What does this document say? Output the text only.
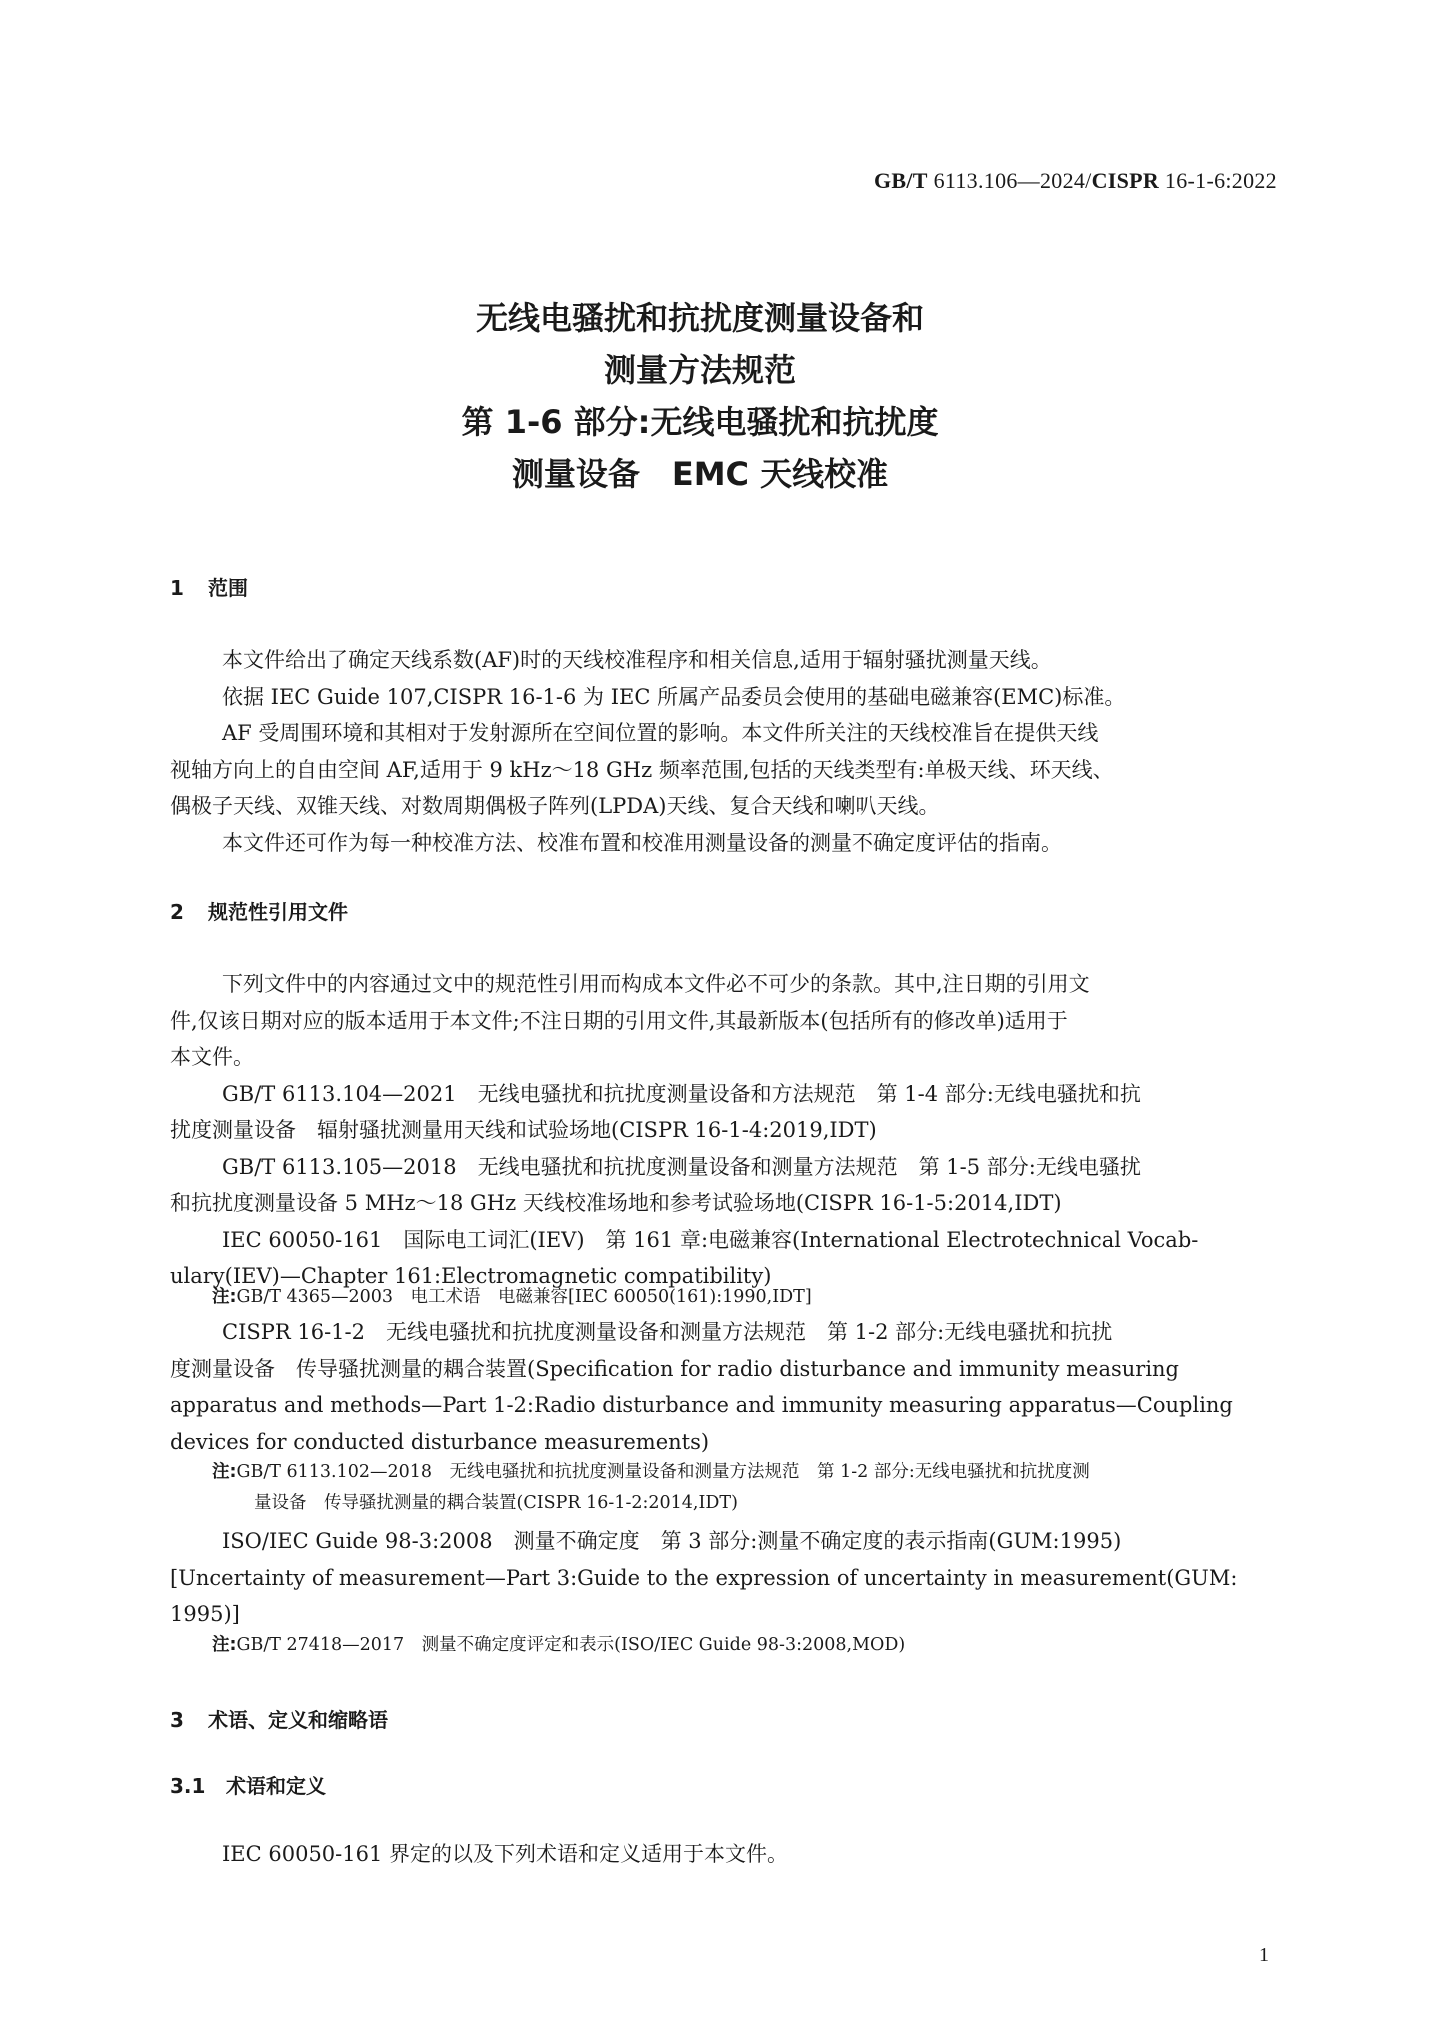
GB/T 6113.106—2024/CISPR 16-1-6:2022
无线电骚扰和抗扰度测量设备和
测量方法规范
第 1-6 部分:无线电骚扰和抗扰度
测量设备　EMC 天线校准
1 范围
本文件给出了确定天线系数(AF)时的天线校准程序和相关信息,适用于辐射骚扰测量天线。
依据 IEC Guide 107,CISPR 16-1-6 为 IEC 所属产品委员会使用的基础电磁兼容(EMC)标准。
AF 受周围环境和其相对于发射源所在空间位置的影响。本文件所关注的天线校准旨在提供天线
视轴方向上的自由空间 AF,适用于 9 kHz～18 GHz 频率范围,包括的天线类型有:单极天线、环天线、
偶极子天线、双锥天线、对数周期偶极子阵列(LPDA)天线、复合天线和喇叭天线。
本文件还可作为每一种校准方法、校准布置和校准用测量设备的测量不确定度评估的指南。
2 规范性引用文件
下列文件中的内容通过文中的规范性引用而构成本文件必不可少的条款。其中,注日期的引用文
件,仅该日期对应的版本适用于本文件;不注日期的引用文件,其最新版本(包括所有的修改单)适用于
本文件。
GB/T 6113.104—2021　无线电骚扰和抗扰度测量设备和方法规范　第 1-4 部分:无线电骚扰和抗
扰度测量设备　辐射骚扰测量用天线和试验场地(CISPR 16-1-4:2019,IDT)
GB/T 6113.105—2018　无线电骚扰和抗扰度测量设备和测量方法规范　第 1-5 部分:无线电骚扰
和抗扰度测量设备 5 MHz～18 GHz 天线校准场地和参考试验场地(CISPR 16-1-5:2014,IDT)
IEC 60050-161　国际电工词汇(IEV)　第 161 章:电磁兼容(International Electrotechnical Vocab-
ulary(IEV)—Chapter 161:Electromagnetic compatibility)
注:GB/T 4365—2003　电工术语　电磁兼容[IEC 60050(161):1990,IDT]
CISPR 16-1-2　无线电骚扰和抗扰度测量设备和测量方法规范　第 1-2 部分:无线电骚扰和抗扰
度测量设备　传导骚扰测量的耦合装置(Specification for radio disturbance and immunity measuring
apparatus and methods—Part 1-2:Radio disturbance and immunity measuring apparatus—Coupling
devices for conducted disturbance measurements)
注:GB/T 6113.102—2018　无线电骚扰和抗扰度测量设备和测量方法规范　第 1-2 部分:无线电骚扰和抗扰度测
量设备　传导骚扰测量的耦合装置(CISPR 16-1-2:2014,IDT)
ISO/IEC Guide 98-3:2008　测量不确定度　第 3 部分:测量不确定度的表示指南(GUM:1995)
[Uncertainty of measurement—Part 3:Guide to the expression of uncertainty in measurement(GUM:
1995)]
注:GB/T 27418—2017　测量不确定度评定和表示(ISO/IEC Guide 98-3:2008,MOD)
3 术语、定义和缩略语
3.1 术语和定义
IEC 60050-161 界定的以及下列术语和定义适用于本文件。
1
